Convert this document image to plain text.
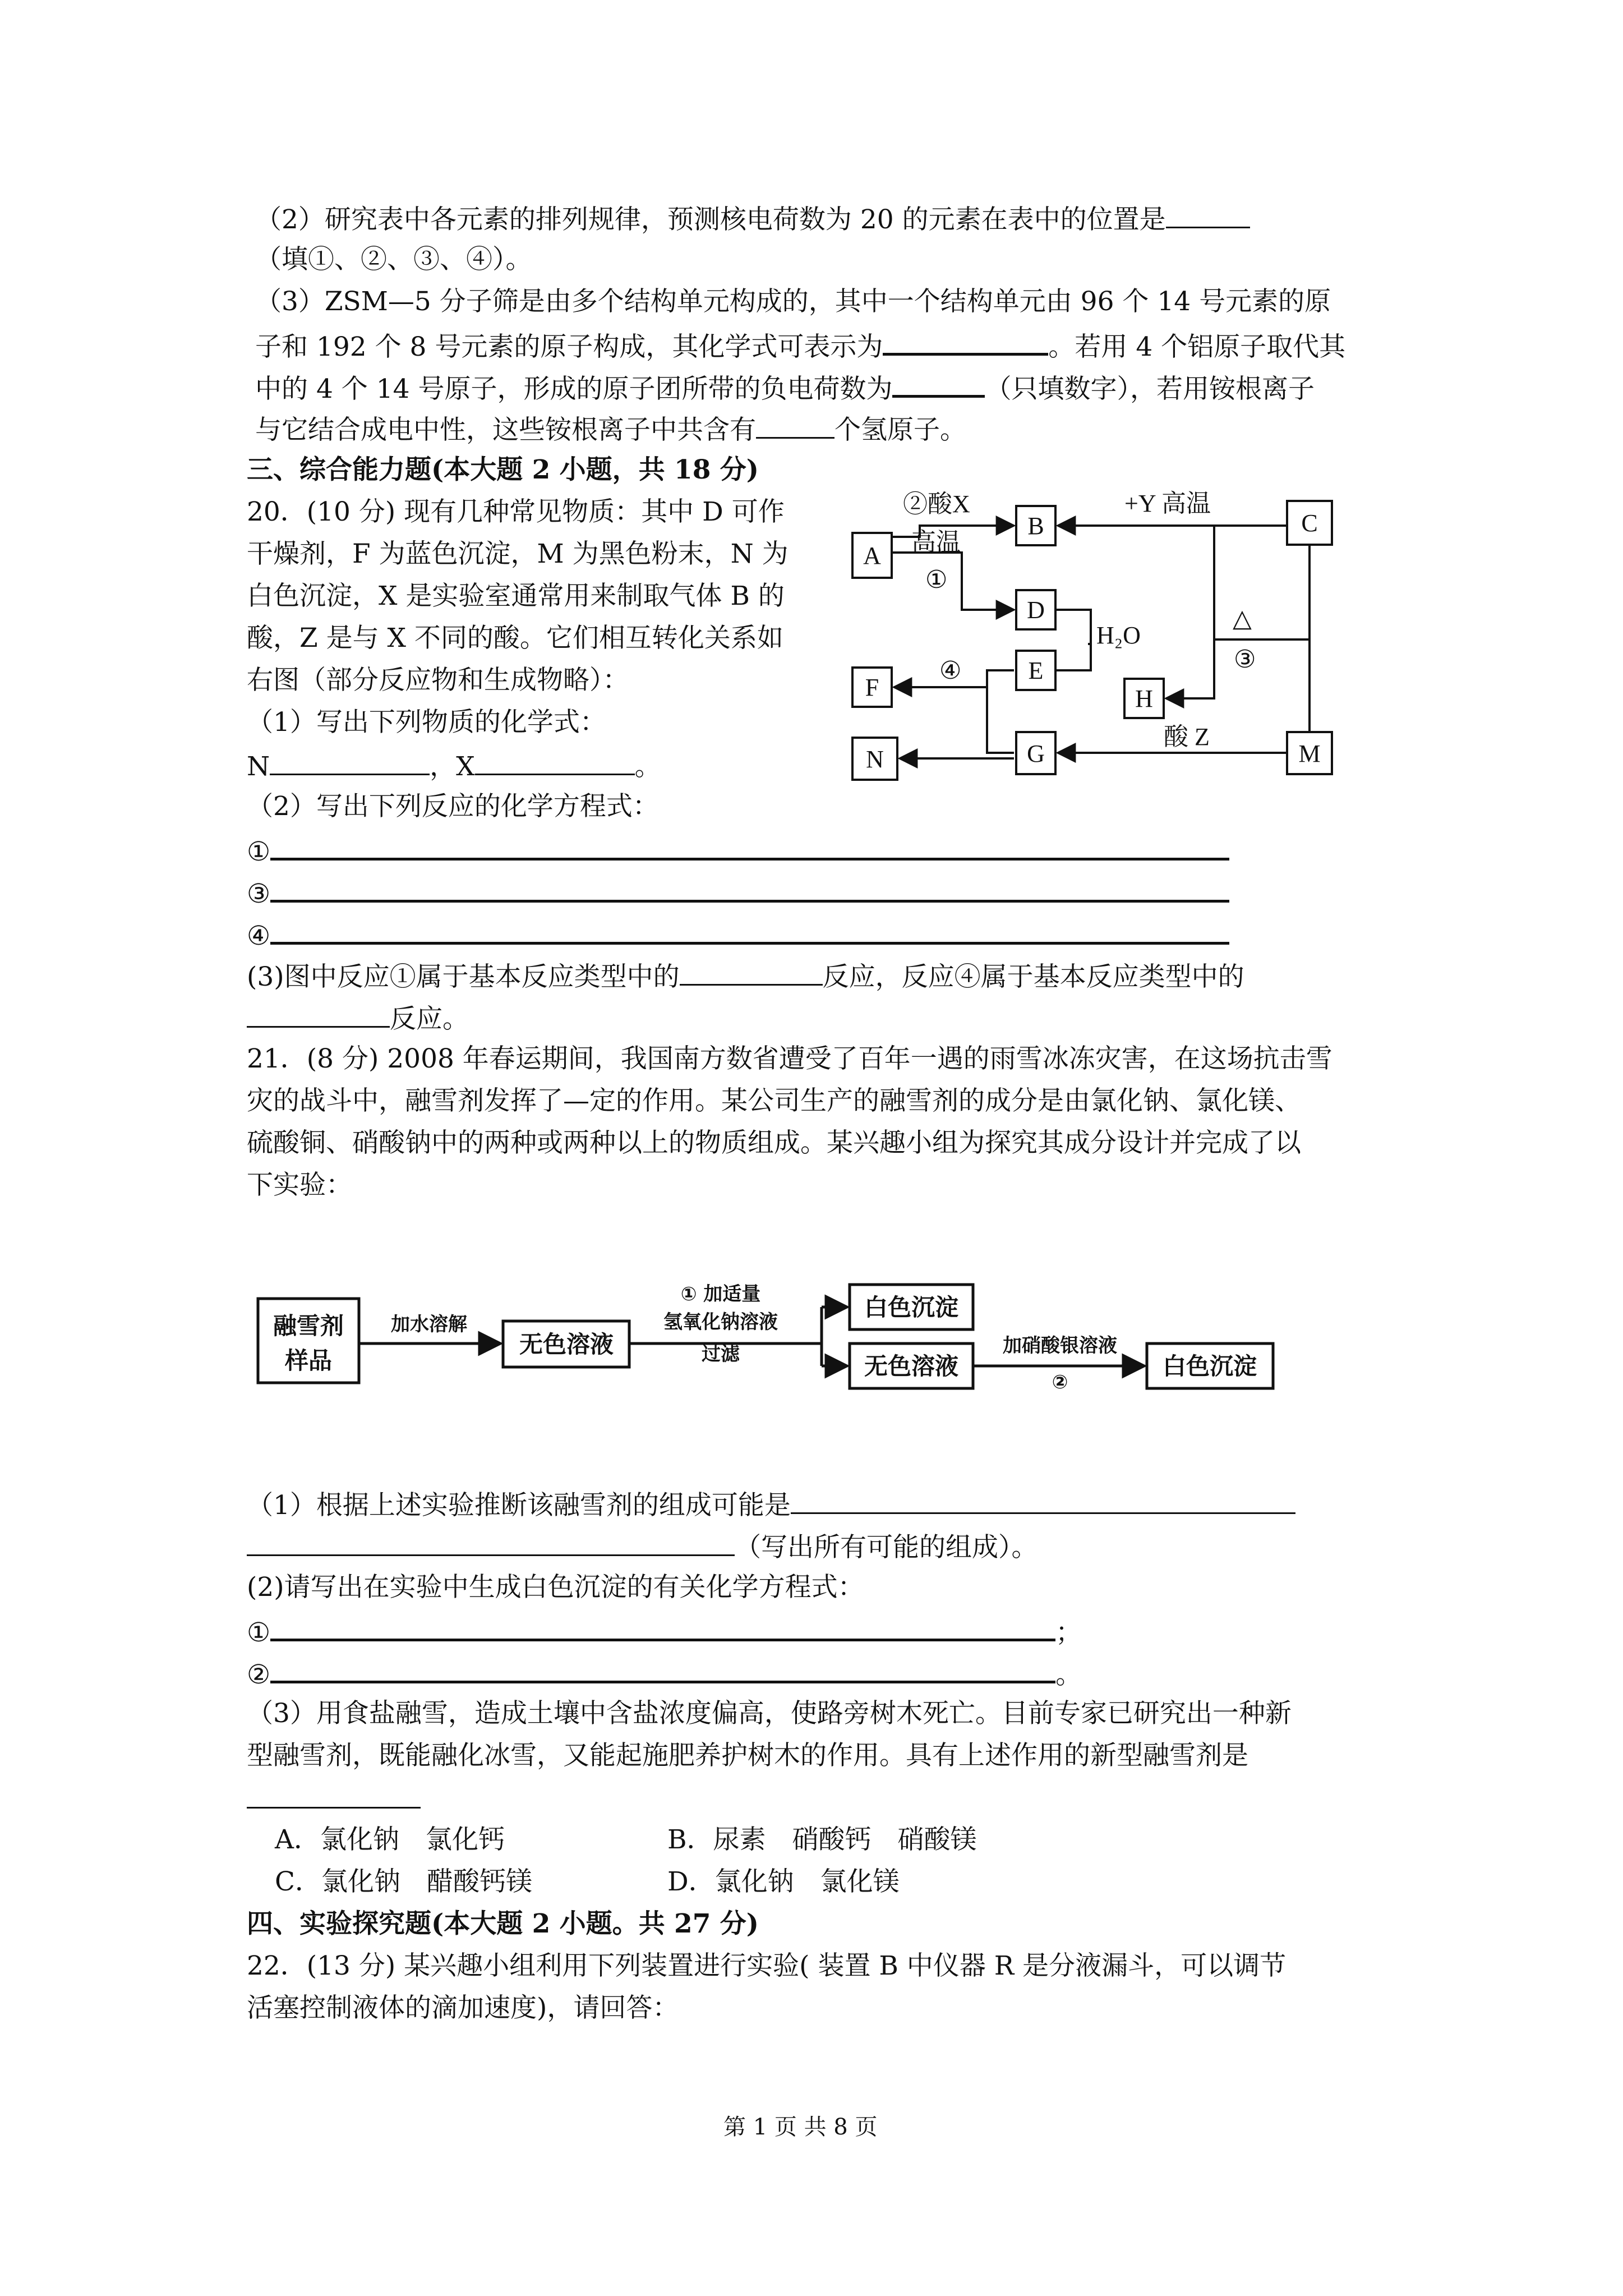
（2）研究表中各元素的排列规律，预测核电荷数为 20 的元素在表中的位置是
（填①、②、③、④）。
（3）ZSM—5 分子筛是由多个结构单元构成的，其中一个结构单元由 96 个 14 号元素的原
子和 192 个 8 号元素的原子构成，其化学式可表示为	。若用 4 个铝原子取代其
中的 4 个 14 号原子，形成的原子团所带的负电荷数为	（只填数字），若用铵根离子
与它结合成电中性，这些铵根离子中共含有	个氢原子。
三、综合能力题(本大题 2 小题，共 18 分)
20．(10 分) 现有几种常见物质：其中 D 可作
干燥剂，F 为蓝色沉淀，M 为黑色粉末，N 为
白色沉淀，X 是实验室通常用来制取气体 B 的
酸，Z 是与 X 不同的酸。它们相互转化关系如
右图（部分反应物和生成物略）：
（1）写出下列物质的化学式：
N	，X	。
（2）写出下列反应的化学方程式：
①
③
④
(3)图中反应①属于基本反应类型中的	反应，反应④属于基本反应类型中的
反应。
A
B	C
D
E
F
G
H
M
N
②酸X
高温
①
+Y 高温
H₂O
△
③
④
酸 Z
21．(8 分) 2008 年春运期间，我国南方数省遭受了百年一遇的雨雪冰冻灾害，在这场抗击雪
灾的战斗中，融雪剂发挥了—定的作用。某公司生产的融雪剂的成分是由氯化钠、氯化镁、
硫酸铜、硝酸钠中的两种或两种以上的物质组成。某兴趣小组为探究其成分设计并完成了以
下实验：
融雪剂
样品
无色溶液
白色沉淀
无色溶液	白色沉淀
加水溶解
① 加适量
氢氧化钠溶液
过滤	加硝酸银溶液
②
（1）根据上述实验推断该融雪剂的组成可能是
（写出所有可能的组成）。
(2)请写出在实验中生成白色沉淀的有关化学方程式：
①	；
②	。
（3）用食盐融雪，造成土壤中含盐浓度偏高，使路旁树木死亡。目前专家已研究出一种新
型融雪剂，既能融化冰雪，又能起施肥养护树木的作用。具有上述作用的新型融雪剂是
A．氯化钠　氯化钙	B．尿素　硝酸钙　硝酸镁
C．氯化钠　醋酸钙镁	D．氯化钠　氯化镁
四、实验探究题(本大题 2 小题。共 27 分)
22．(13 分) 某兴趣小组利用下列装置进行实验( 装置 B 中仪器 R 是分液漏斗，可以调节
活塞控制液体的滴加速度)，请回答：
第 1 页 共 8 页
